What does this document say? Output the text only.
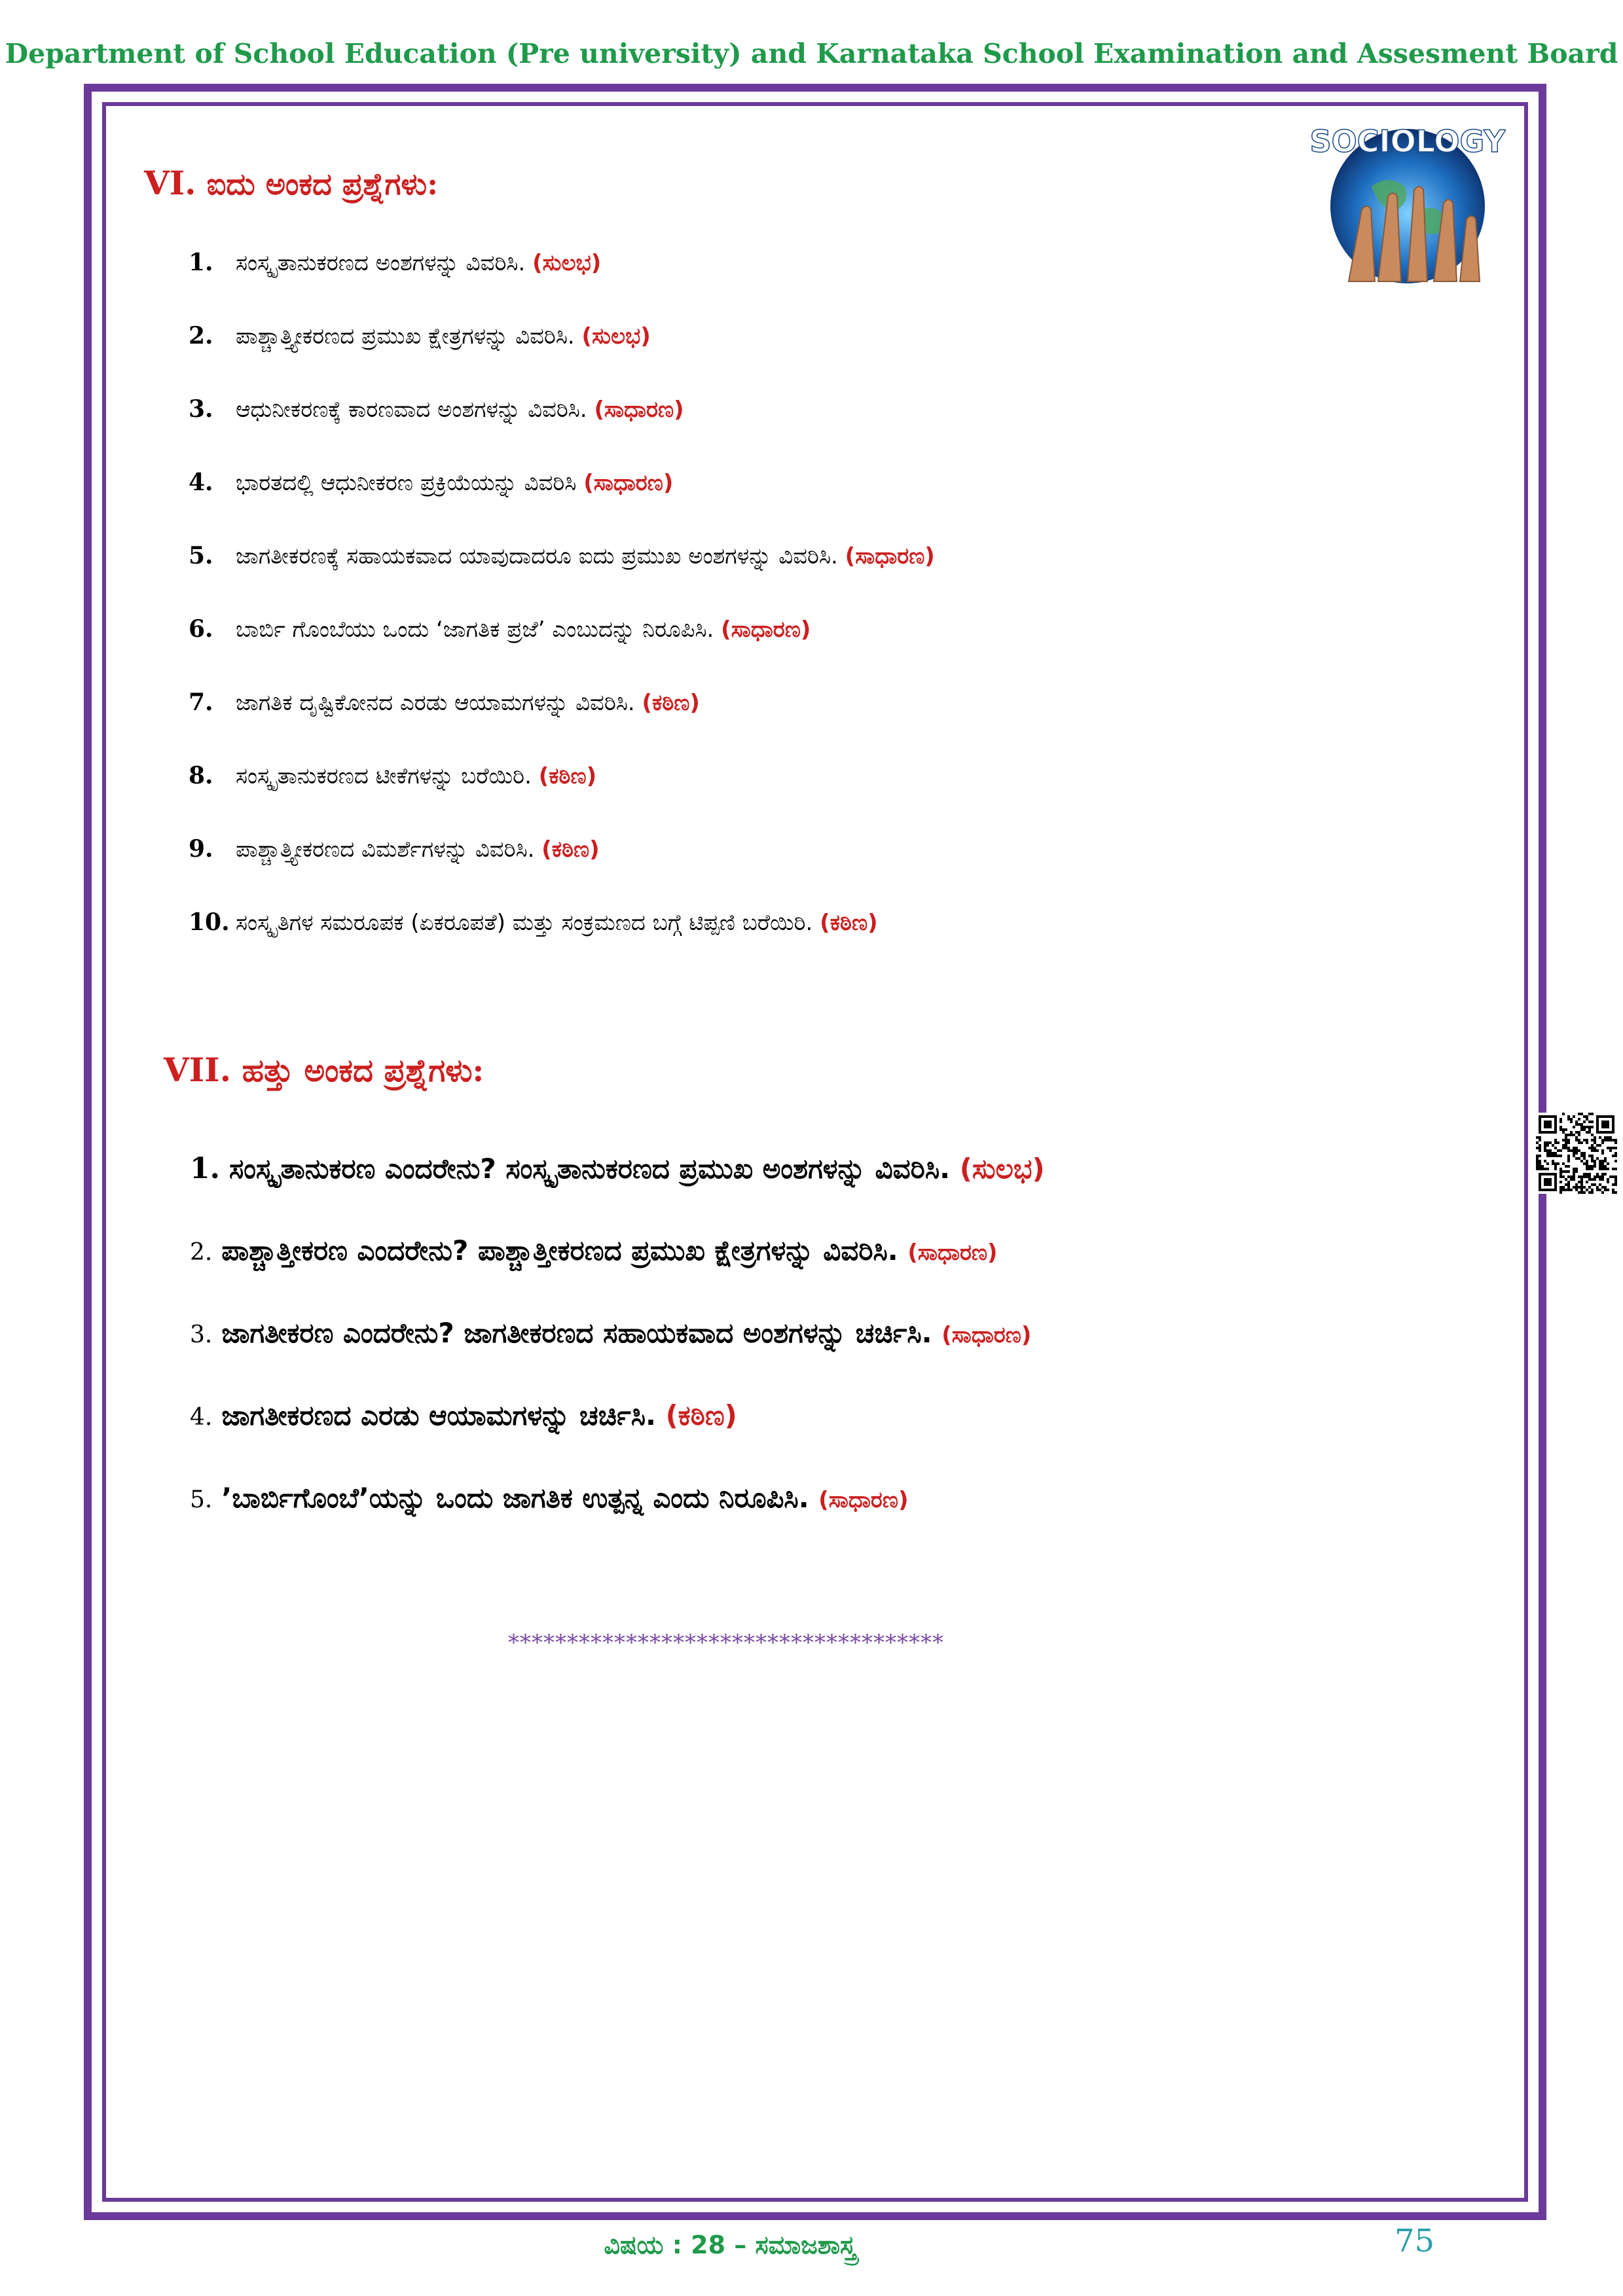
Department of School Education (Pre university) and Karnataka School Examination and Assesment Board
SOCIOLOGY
VI. ಐದು ಅಂಕದ ಪ್ರಶ್ನೆಗಳು:
1. ಸಂಸ್ಕೃತಾನುಕರಣದ ಅಂಶಗಳನ್ನು ವಿವರಿಸಿ. (ಸುಲಭ)
2. ಪಾಶ್ಚಾತ್ತ್ಯೀಕರಣದ ಪ್ರಮುಖ ಕ್ಷೇತ್ರಗಳನ್ನು ವಿವರಿಸಿ. (ಸುಲಭ)
3. ಆಧುನೀಕರಣಕ್ಕೆ ಕಾರಣವಾದ ಅಂಶಗಳನ್ನು ವಿವರಿಸಿ. (ಸಾಧಾರಣ)
4. ಭಾರತದಲ್ಲಿ ಆಧುನೀಕರಣ ಪ್ರಕ್ರಿಯೆಯನ್ನು ವಿವರಿಸಿ (ಸಾಧಾರಣ)
5. ಜಾಗತೀಕರಣಕ್ಕೆ ಸಹಾಯಕವಾದ ಯಾವುದಾದರೂ ಐದು ಪ್ರಮುಖ ಅಂಶಗಳನ್ನು ವಿವರಿಸಿ. (ಸಾಧಾರಣ)
6. ಬಾರ್ಬಿ ಗೊಂಬೆಯು ಒಂದು ‘ಜಾಗತಿಕ ಪ್ರಜೆ’ ಎಂಬುದನ್ನು ನಿರೂಪಿಸಿ. (ಸಾಧಾರಣ)
7. ಜಾಗತಿಕ ದೃಷ್ಟಿಕೋನದ ಎರಡು ಆಯಾಮಗಳನ್ನು ವಿವರಿಸಿ. (ಕಠಿಣ)
8. ಸಂಸ್ಕೃತಾನುಕರಣದ ಟೀಕೆಗಳನ್ನು ಬರೆಯಿರಿ. (ಕಠಿಣ)
9. ಪಾಶ್ಚಾತ್ತ್ಯೀಕರಣದ ವಿಮರ್ಶೆಗಳನ್ನು ವಿವರಿಸಿ. (ಕಠಿಣ)
10. ಸಂಸ್ಕೃತಿಗಳ ಸಮರೂಪಕ (ಏಕರೂಪತೆ) ಮತ್ತು ಸಂಕ್ರಮಣದ ಬಗ್ಗೆ ಟಿಪ್ಪಣಿ ಬರೆಯಿರಿ. (ಕಠಿಣ)
VII. ಹತ್ತು ಅಂಕದ ಪ್ರಶ್ನೆಗಳು:
1. ಸಂಸ್ಕೃತಾನುಕರಣ ಎಂದರೇನು? ಸಂಸ್ಕೃತಾನುಕರಣದ ಪ್ರಮುಖ ಅಂಶಗಳನ್ನು ವಿವರಿಸಿ. (ಸುಲಭ)
2. ಪಾಶ್ಚಾತ್ತೀಕರಣ ಎಂದರೇನು? ಪಾಶ್ಚಾತ್ತೀಕರಣದ ಪ್ರಮುಖ ಕ್ಷೇತ್ರಗಳನ್ನು ವಿವರಿಸಿ. (ಸಾಧಾರಣ)
3. ಜಾಗತೀಕರಣ ಎಂದರೇನು? ಜಾಗತೀಕರಣದ ಸಹಾಯಕವಾದ ಅಂಶಗಳನ್ನು ಚರ್ಚಿಸಿ. (ಸಾಧಾರಣ)
4. ಜಾಗತೀಕರಣದ ಎರಡು ಆಯಾಮಗಳನ್ನು ಚರ್ಚಿಸಿ. (ಕಠಿಣ)
5. ’ಬಾರ್ಬಿಗೊಂಬೆ’ಯನ್ನು ಒಂದು ಜಾಗತಿಕ ಉತ್ಪನ್ನ ಎಂದು ನಿರೂಪಿಸಿ. (ಸಾಧಾರಣ)
*************************************
ವಿಷಯ : 28 – ಸಮಾಜಶಾಸ್ತ್ರ	75
